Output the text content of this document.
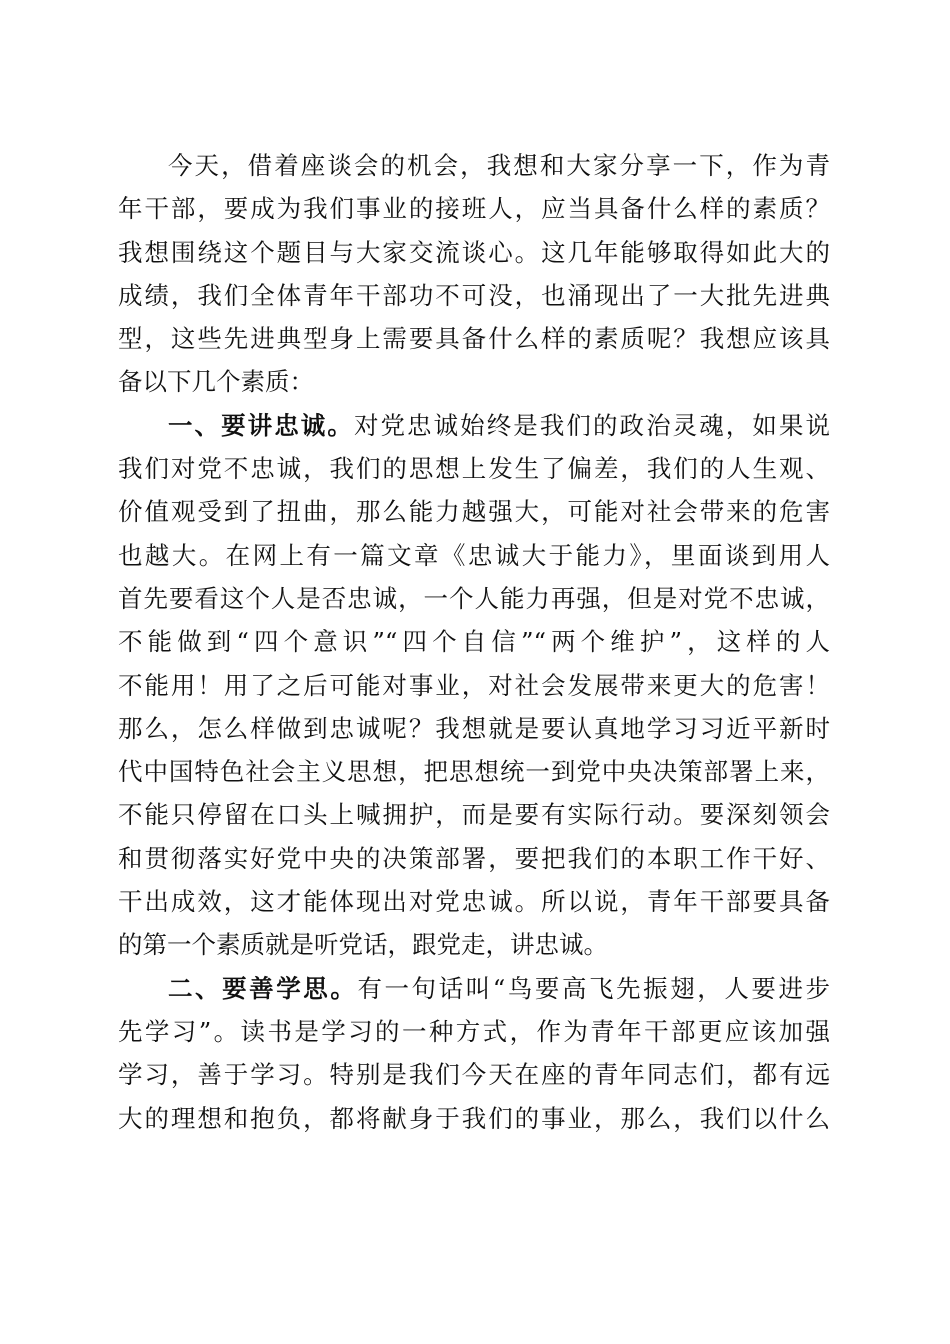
今天，借着座谈会的机会，我想和大家分享一下，作为青
年干部，要成为我们事业的接班人，应当具备什么样的素质？
我想围绕这个题目与大家交流谈心。这几年能够取得如此大的
成绩，我们全体青年干部功不可没，也涌现出了一大批先进典
型，这些先进典型身上需要具备什么样的素质呢？我想应该具
备以下几个素质：
一、要讲忠诚。对党忠诚始终是我们的政治灵魂，如果说
我们对党不忠诚，我们的思想上发生了偏差，我们的人生观、
价值观受到了扭曲，那么能力越强大，可能对社会带来的危害
也越大。在网上有一篇文章《忠诚大于能力》，里面谈到用人
首先要看这个人是否忠诚，一个人能力再强，但是对党不忠诚，
不能做到“四个意识”“四个自信”“两个维护”，这样的人
不能用！用了之后可能对事业，对社会发展带来更大的危害！
那么，怎么样做到忠诚呢？我想就是要认真地学习习近平新时
代中国特色社会主义思想，把思想统一到党中央决策部署上来，
不能只停留在口头上喊拥护，而是要有实际行动。要深刻领会
和贯彻落实好党中央的决策部署，要把我们的本职工作干好、
干出成效，这才能体现出对党忠诚。所以说，青年干部要具备
的第一个素质就是听党话，跟党走，讲忠诚。
二、要善学思。有一句话叫“鸟要高飞先振翅，人要进步
先学习”。读书是学习的一种方式，作为青年干部更应该加强
学习，善于学习。特别是我们今天在座的青年同志们，都有远
大的理想和抱负，都将献身于我们的事业，那么，我们以什么
